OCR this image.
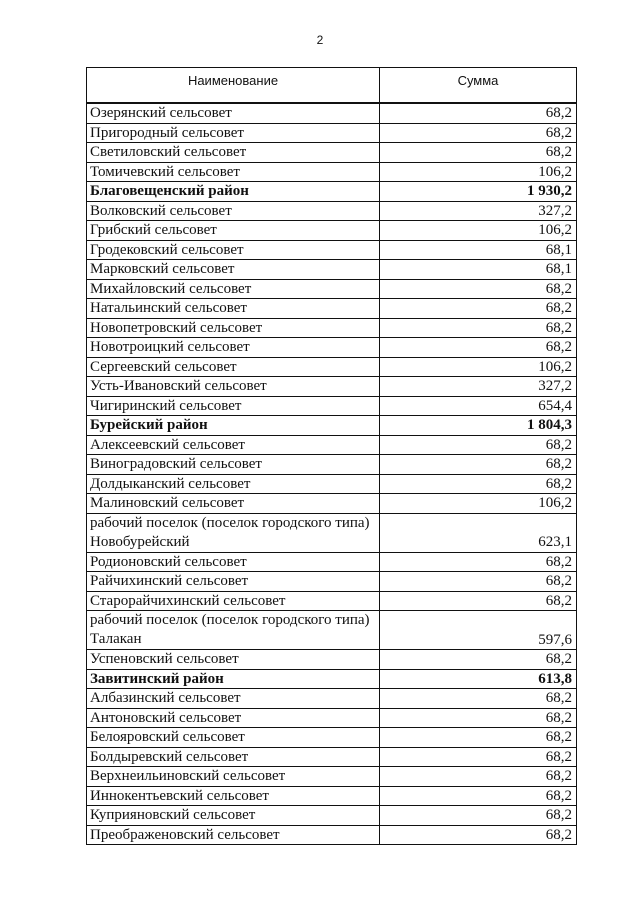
2
Наименование	Сумма
Озерянский сельсовет	68,2
Пригородный сельсовет	68,2
Светиловский сельсовет	68,2
Томичевский сельсовет	106,2
Благовещенский район	1 930,2
Волковский сельсовет	327,2
Грибский сельсовет	106,2
Гродековский сельсовет	68,1
Марковский сельсовет	68,1
Михайловский сельсовет	68,2
Натальинский сельсовет	68,2
Новопетровский сельсовет	68,2
Новотроицкий сельсовет	68,2
Сергеевский сельсовет	106,2
Усть-Ивановский сельсовет	327,2
Чигиринский сельсовет	654,4
Бурейский район	1 804,3
Алексеевский сельсовет	68,2
Виноградовский сельсовет	68,2
Долдыканский сельсовет	68,2
Малиновский сельсовет	106,2
рабочий поселок (поселок городского типа) Новобурейский	623,1
Родионовский сельсовет	68,2
Райчихинский сельсовет	68,2
Старорайчихинский сельсовет	68,2
рабочий поселок (поселок городского типа) Талакан	597,6
Успеновский сельсовет	68,2
Завитинский район	613,8
Албазинский сельсовет	68,2
Антоновский сельсовет	68,2
Белояровский сельсовет	68,2
Болдыревский сельсовет	68,2
Верхнеильиновский сельсовет	68,2
Иннокентьевский сельсовет	68,2
Куприяновский сельсовет	68,2
Преображеновский сельсовет	68,2
